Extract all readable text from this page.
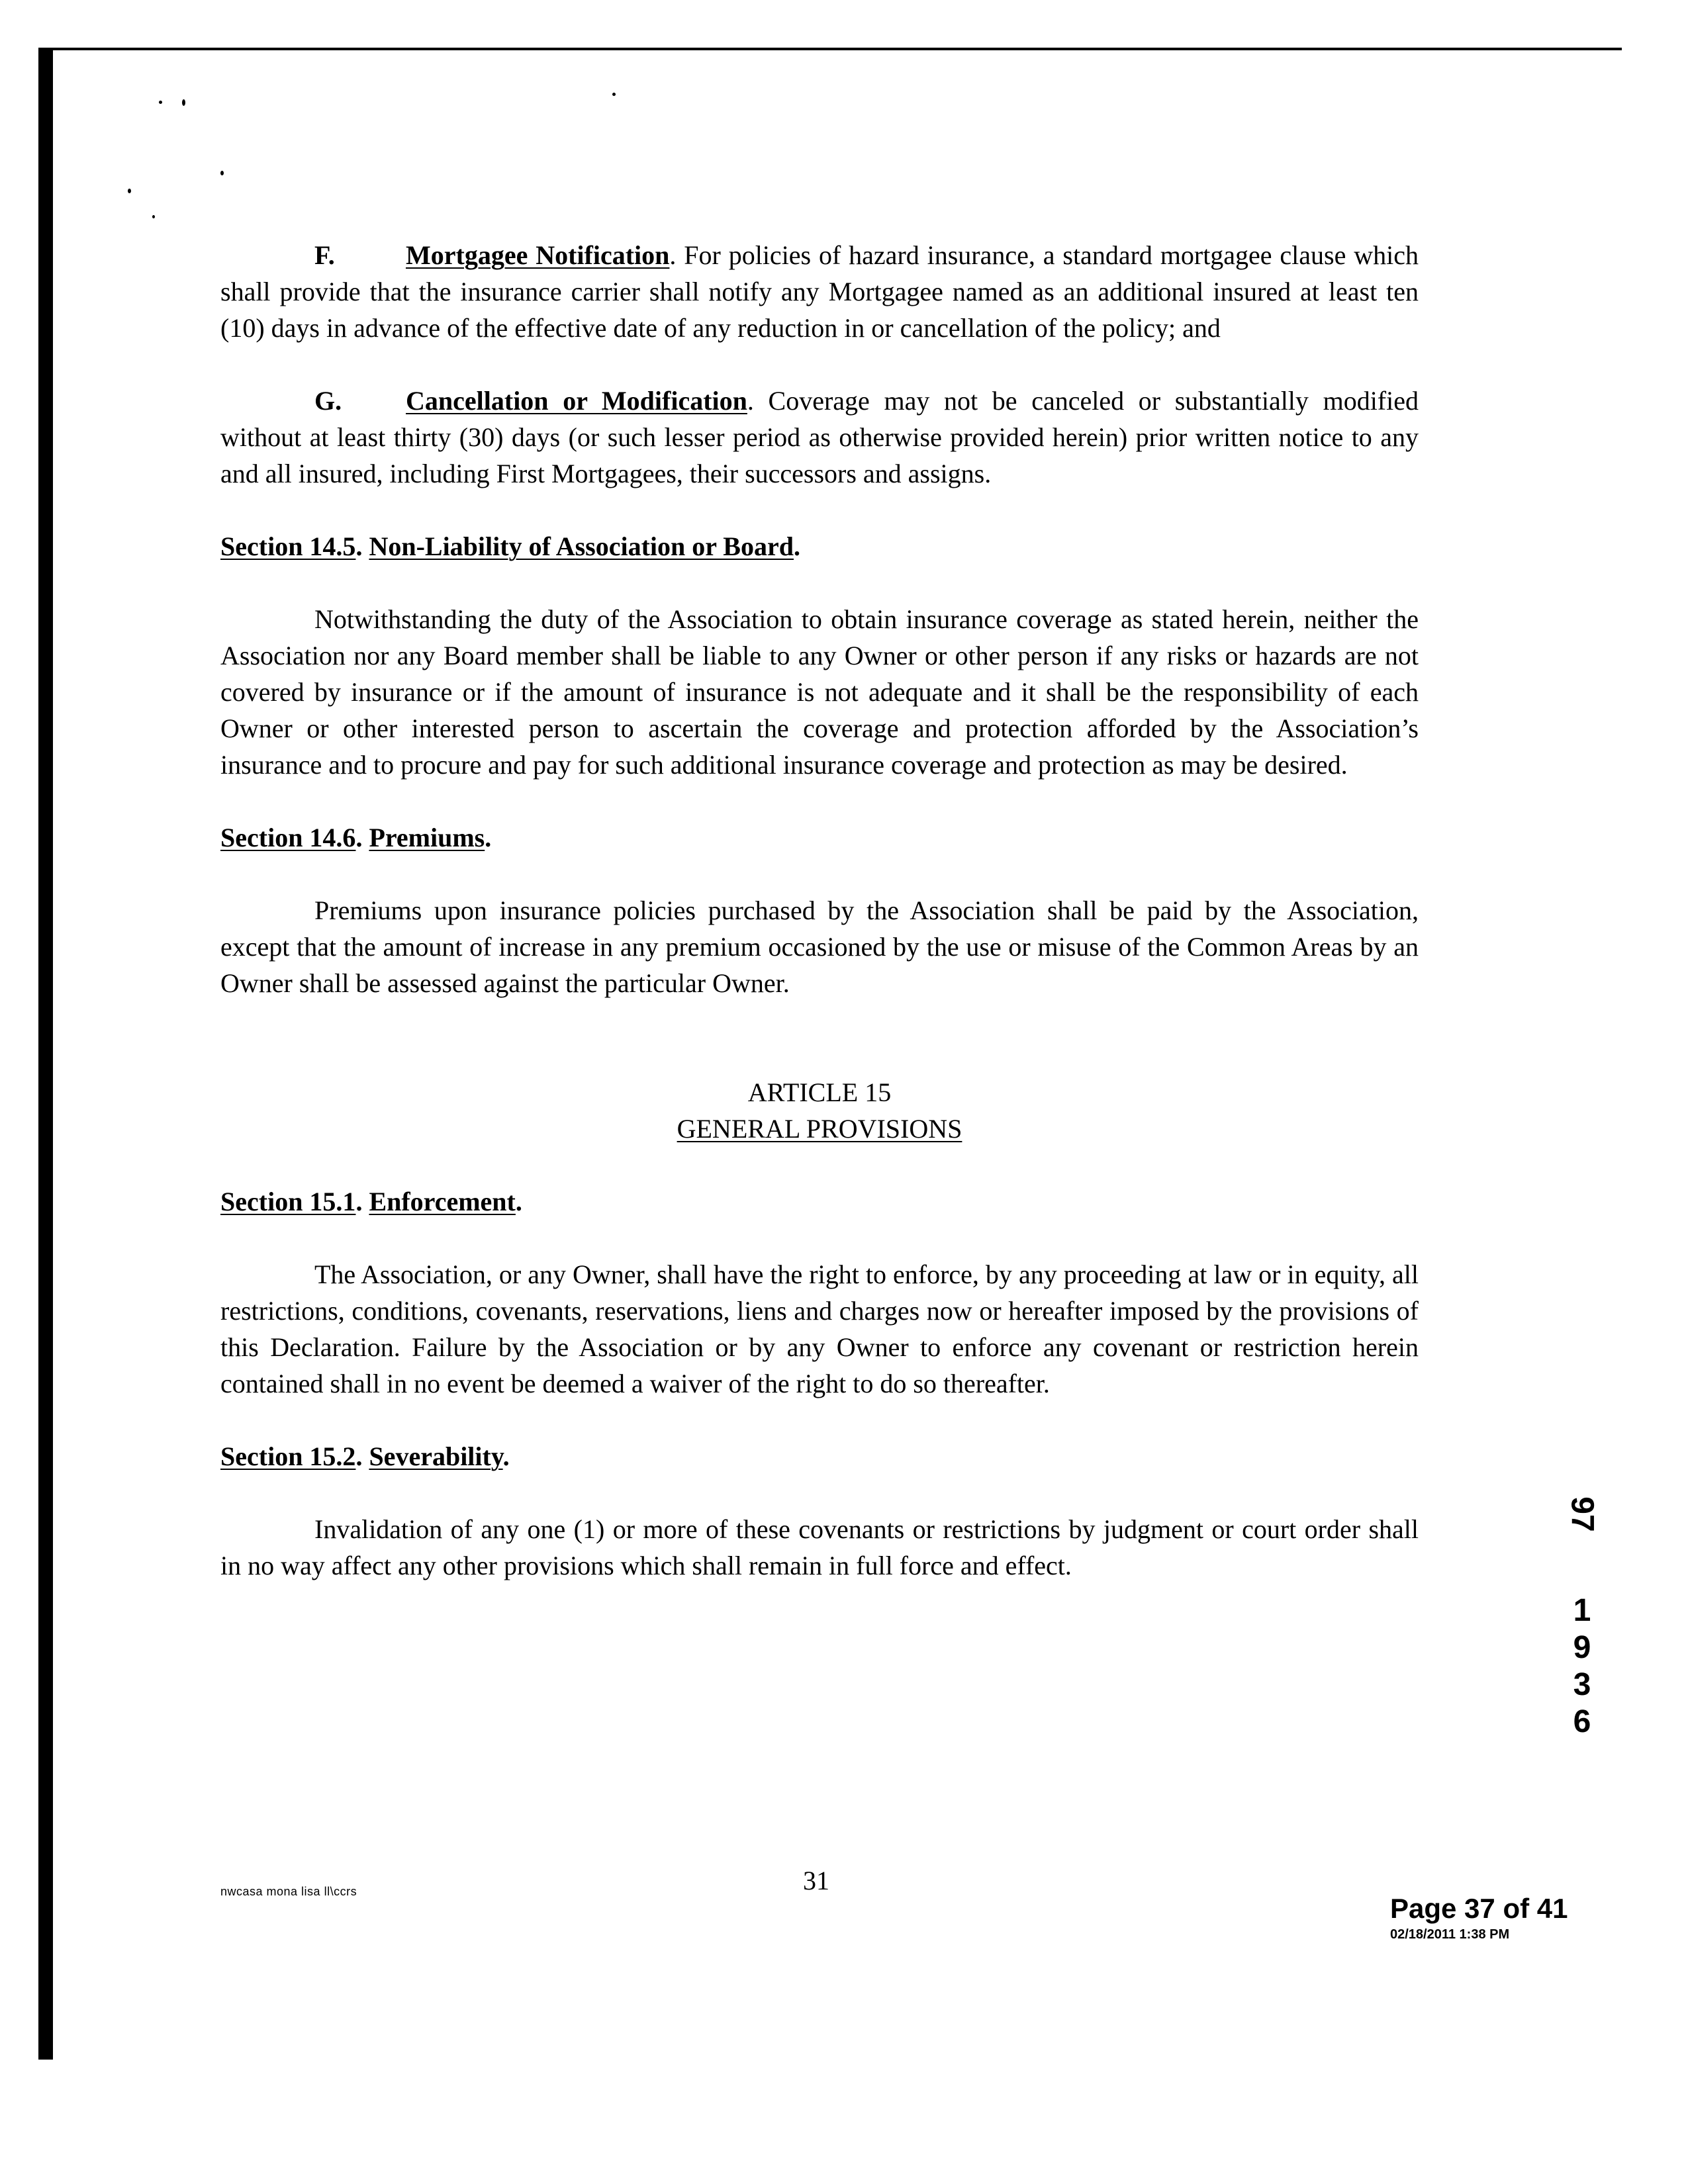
F.	Mortgagee Notification. For policies of hazard insurance, a standard mortgagee clause which shall provide that the insurance carrier shall notify any Mortgagee named as an additional insured at least ten (10) days in advance of the effective date of any reduction in or cancellation of the policy; and

G. Cancellation or Modification. Coverage may not be canceled or substantially modified without at least thirty (30) days (or such lesser period as otherwise provided herein) prior written notice to any and all insured, including First Mortgagees, their successors and assigns.

Section 14.5. Non-Liability of Association or Board.

Notwithstanding the duty of the Association to obtain insurance coverage as stated herein, neither the Association nor any Board member shall be liable to any Owner or other person if any risks or hazards are not covered by insurance or if the amount of insurance is not adequate and it shall be the responsibility of each Owner or other interested person to ascertain the coverage and protection afforded by the Association’s insurance and to procure and pay for such additional insurance coverage and protection as may be desired.

Section 14.6. Premiums.

Premiums upon insurance policies purchased by the Association shall be paid by the Association, except that the amount of increase in any premium occasioned by the use or misuse of the Common Areas by an Owner shall be assessed against the particular Owner.

ARTICLE 15

GENERAL PROVISIONS

Section 15.1. Enforcement.

The Association, or any Owner, shall have the right to enforce, by any proceeding at law or in equity, all restrictions, conditions, covenants, reservations, liens and charges now or hereafter imposed by the provisions of this Declaration. Failure by the Association or by any Owner to enforce any covenant or restriction herein contained shall in no event be deemed a waiver of the right to do so thereafter.

Section 15.2. Severability.

Invalidation of any one (1) or more of these covenants or restrictions by judgment or court order shall in no way affect any other provisions which shall remain in full force and effect.

97
1
9
3
6
nwcasa mona lisa ll\ccrs	31
Page 37 of 41
02/18/2011 1:38 PM
